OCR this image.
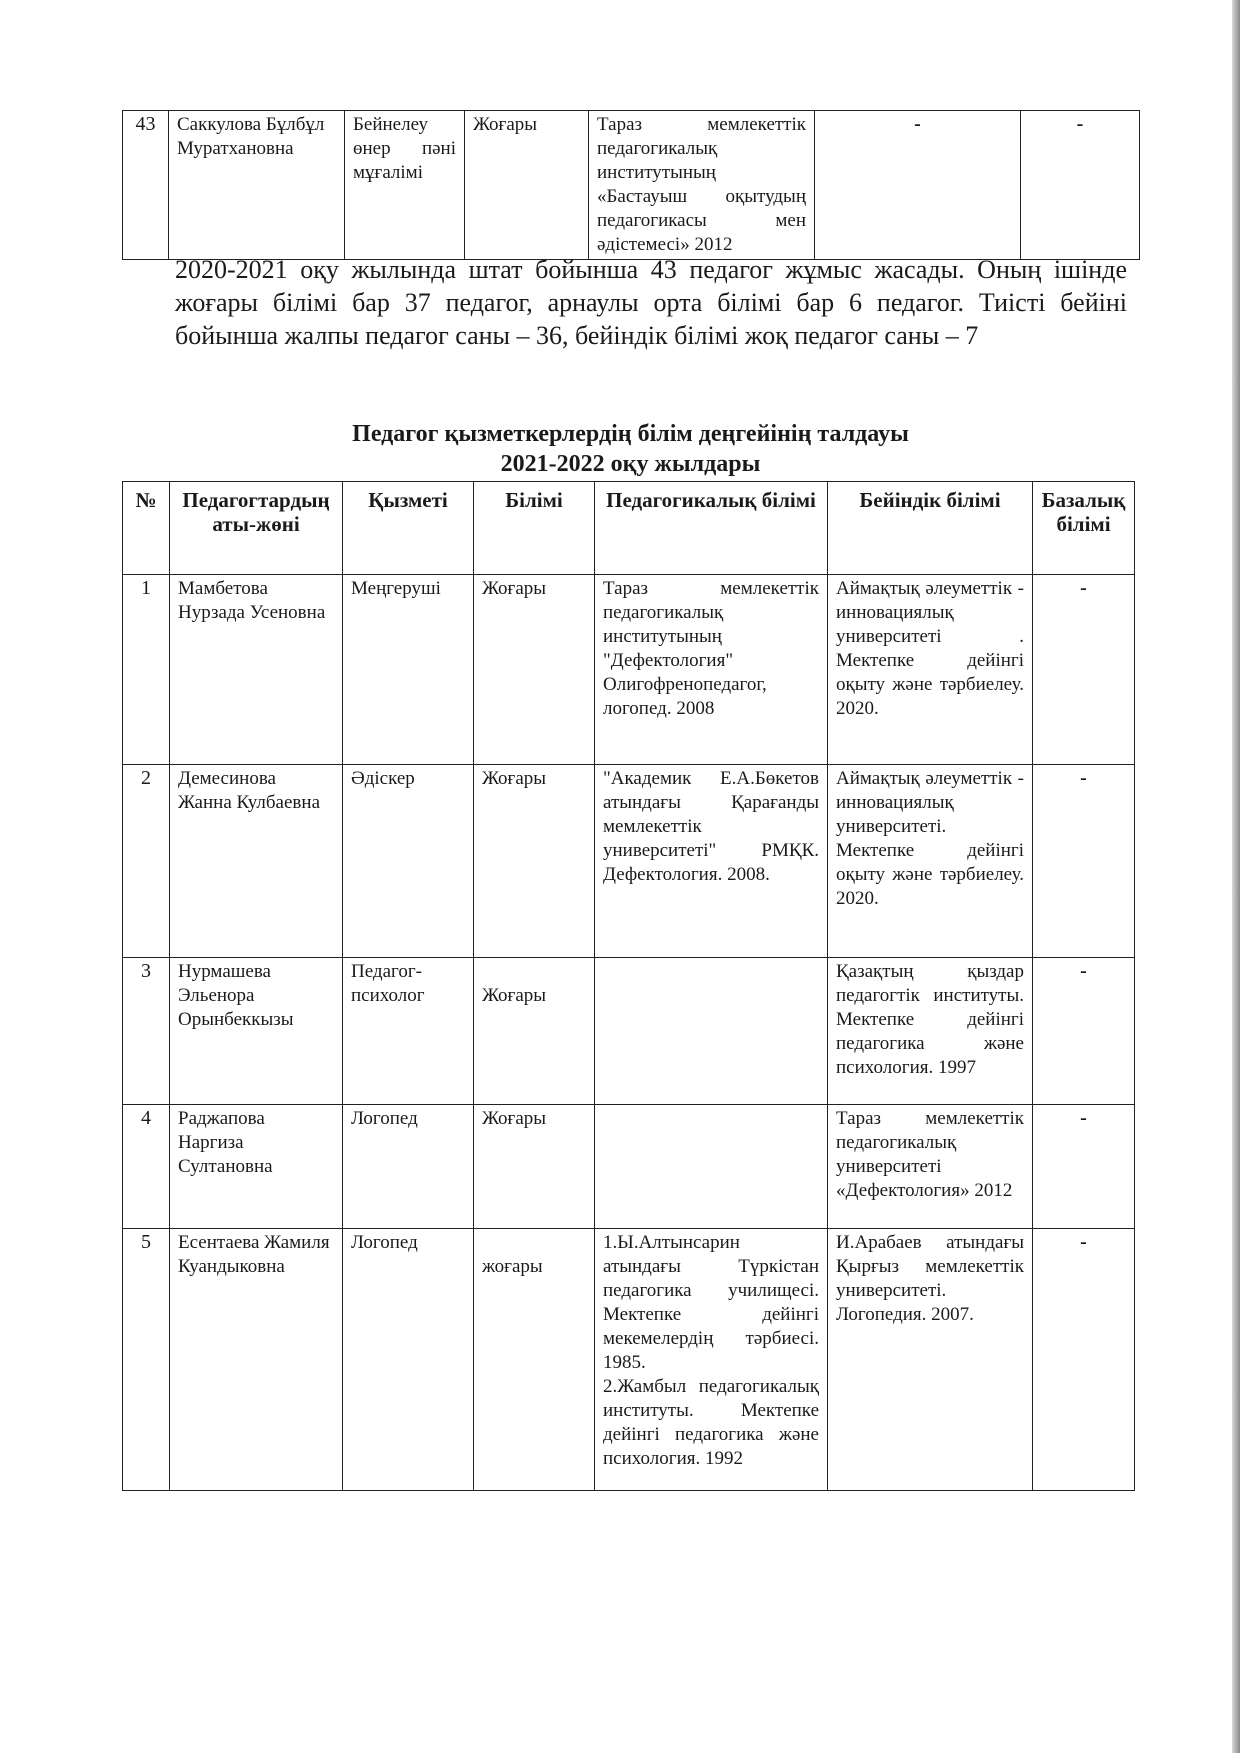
43	Саккулова Бұлбұл Муратхановна	Бейнелеу өнер пәні мұғалімі	Жоғары	Тараз мемлекеттік педагогикалық институтының «Бастауыш оқытудың педагогикасы мен әдістемесі» 2012	-	-
2020-2021 оқу жылында штат бойынша 43 педагог жұмыс жасады. Оның ішінде жоғары білімі бар 37 педагог, арнаулы орта білімі бар 6 педагог. Тиісті бейіні бойынша жалпы педагог саны – 36, бейіндік білімі жоқ педагог саны – 7
Педагог қызметкерлердің білім деңгейінің талдауы
2021-2022 оқу жылдары
№	Педагогтардың аты-жөні	Қызметі	Білімі	Педагогикалық білімі	Бейіндік білімі	Базалық білімі
1	Мамбетова Нурзада Усеновна	Меңгеруші	Жоғары	Тараз мемлекеттік педагогикалық институтының "Дефектология" Олигофренопедагог, логопед. 2008	Аймақтық әлеуметтік - инновациялық университеті . Мектепке дейінгі оқыту және тәрбиелеу. 2020.	-
2	Демесинова Жанна Кулбаевна	Әдіскер	Жоғары	"Академик Е.А.Бөкетов атындағы Қарағанды мемлекеттік университеті" РМҚК. Дефектология. 2008.	Аймақтық әлеуметтік - инновациялық университеті. Мектепке дейінгі оқыту және тәрбиелеу. 2020.	-
3	Нурмашева Эльенора Орынбеккызы	Педагог-психолог	Жоғары		Қазақтың қыздар педагогтік институты. Мектепке дейінгі педагогика және психология. 1997	-
4	Раджапова Наргиза Султановна	Логопед	Жоғары		Тараз мемлекеттік педагогикалық университеті «Дефектология» 2012	-
5	Есентаева Жамиля Куандыковна	Логопед	жоғары	1.Ы.Алтынсарин атындағы Түркістан педагогика училищесі. Мектепке дейінгі мекемелердің тәрбиесі. 1985.
2.Жамбыл педагогикалық институты. Мектепке дейінгі педагогика және психология. 1992	И.Арабаев атындағы Қырғыз мемлекеттік университеті. Логопедия. 2007.	-
